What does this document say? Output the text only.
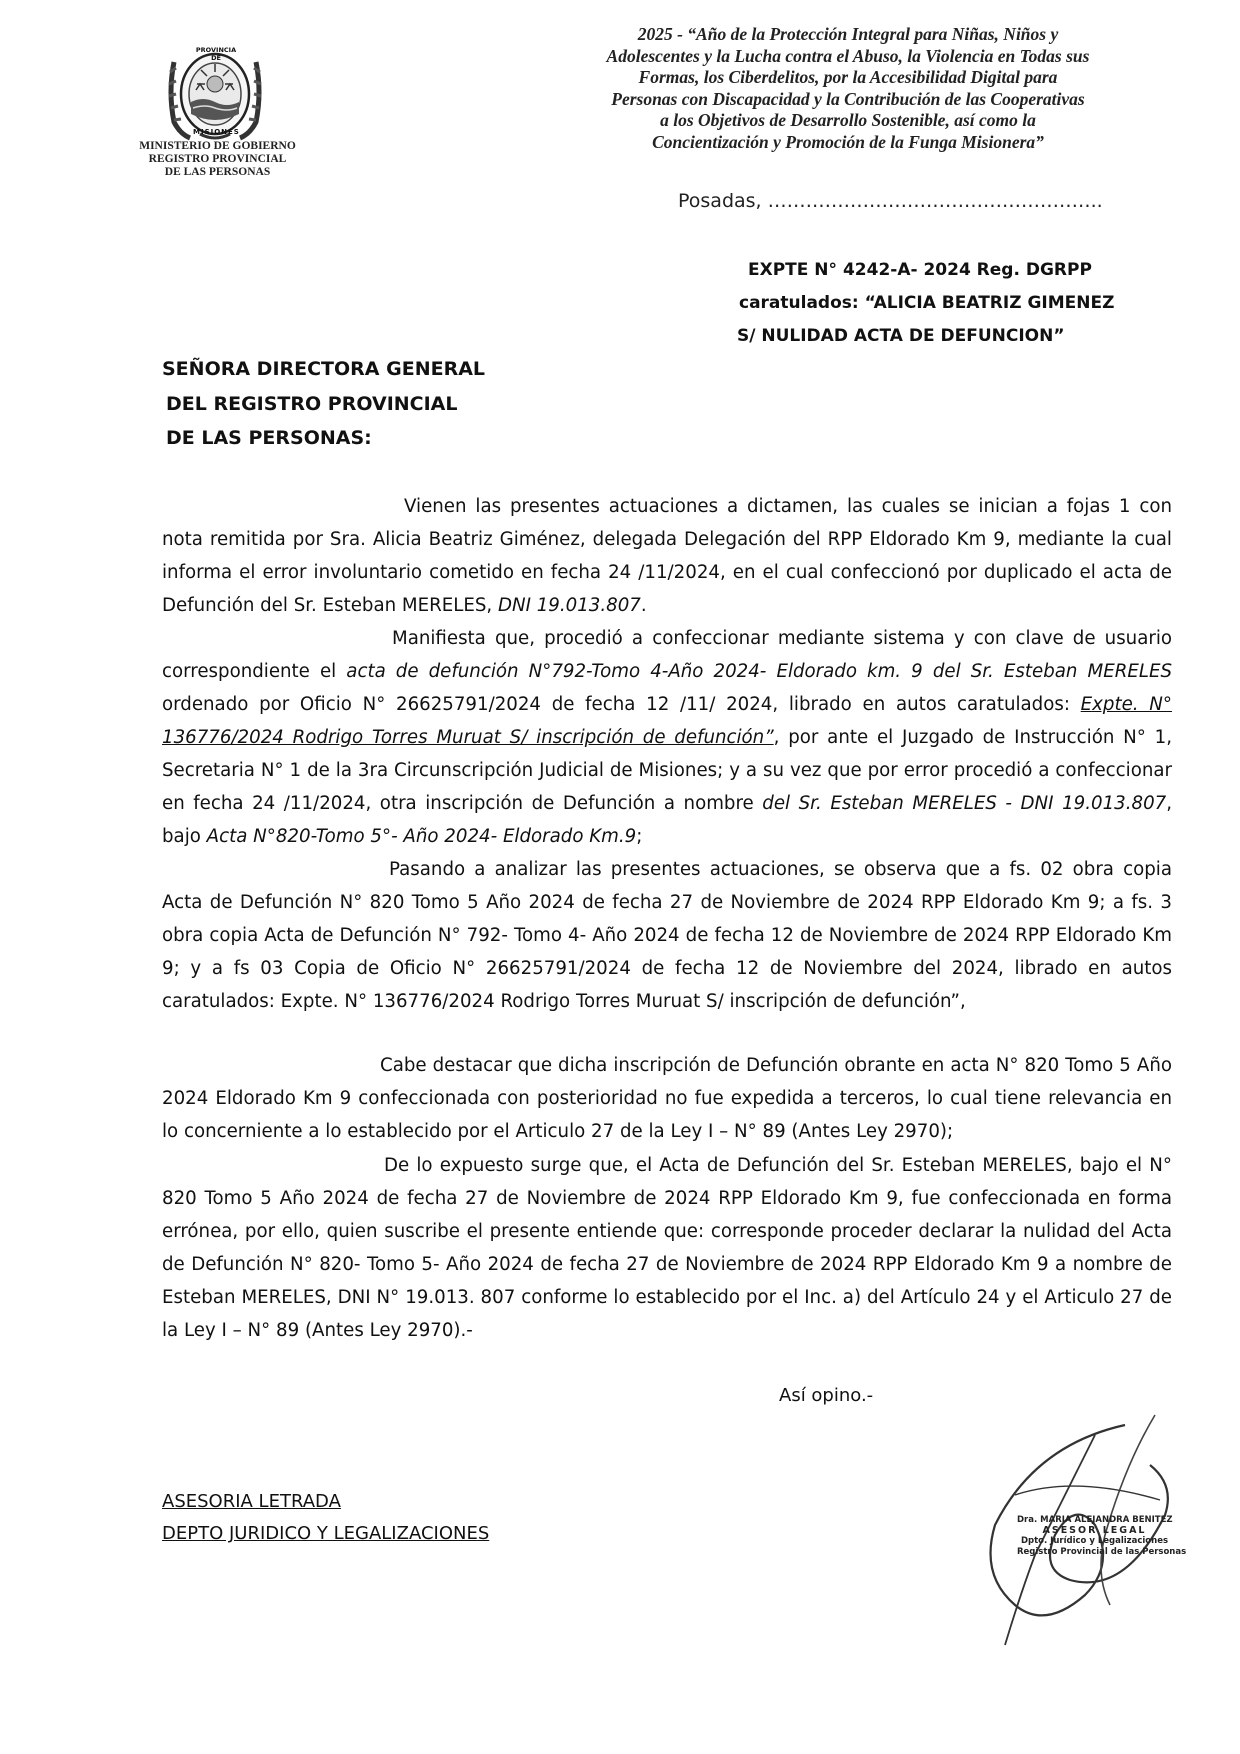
PROVINCIA DE
MISIONES
MINISTERIO DE GOBIERNO
REGISTRO PROVINCIAL
DE LAS PERSONAS
2025 - “Año de la Protección Integral para Niñas, Niños y
Adolescentes y la Lucha contra el Abuso, la Violencia en Todas sus
Formas, los Ciberdelitos, por la Accesibilidad Digital para
Personas con Discapacidad y la Contribución de las Cooperativas
a los Objetivos de Desarrollo Sostenible, así como la
Concientización y Promoción de la Funga Misionera”
Posadas, ……………………………………………..
EXPTE N° 4242-A- 2024 Reg. DGRPP
caratulados: “ALICIA BEATRIZ GIMENEZ
S/ NULIDAD ACTA DE DEFUNCION”
SEÑORA DIRECTORA GENERAL
DEL REGISTRO PROVINCIAL
DE LAS PERSONAS:
Vienen las presentes actuaciones a dictamen, las cuales se inician a fojas 1 con nota remitida por Sra. Alicia Beatriz Giménez, delegada Delegación del RPP Eldorado Km 9, mediante la cual informa el error involuntario cometido en fecha 24 /11/2024, en el cual confeccionó por duplicado el acta de Defunción del Sr. Esteban MERELES, DNI 19.013.807.
Manifiesta que, procedió a confeccionar mediante sistema y con clave de usuario correspondiente el acta de defunción N°792-Tomo 4-Año 2024- Eldorado km. 9 del Sr. Esteban MERELES ordenado por Oficio N° 26625791/2024 de fecha 12 /11/ 2024, librado en autos caratulados: Expte. N° 136776/2024 Rodrigo Torres Muruat S/ inscripción de defunción”, por ante el Juzgado de Instrucción N° 1, Secretaria N° 1 de la 3ra Circunscripción Judicial de Misiones; y a su vez que por error procedió a confeccionar en fecha 24 /11/2024, otra inscripción de Defunción a nombre del Sr. Esteban MERELES - DNI 19.013.807, bajo Acta N°820-Tomo 5°- Año 2024- Eldorado Km.9;
Pasando a analizar las presentes actuaciones, se observa que a fs. 02 obra copia Acta de Defunción N° 820 Tomo 5 Año 2024 de fecha 27 de Noviembre de 2024 RPP Eldorado Km 9; a fs. 3 obra copia Acta de Defunción N° 792- Tomo 4- Año 2024 de fecha 12 de Noviembre de 2024 RPP Eldorado Km 9; y a fs 03 Copia de Oficio N° 26625791/2024 de fecha 12 de Noviembre del 2024, librado en autos caratulados: Expte. N° 136776/2024 Rodrigo Torres Muruat S/ inscripción de defunción”,
Cabe destacar que dicha inscripción de Defunción obrante en acta N° 820 Tomo 5 Año 2024 Eldorado Km 9 confeccionada con posterioridad no fue expedida a terceros, lo cual tiene relevancia en lo concerniente a lo establecido por el Articulo 27 de la Ley I – N° 89 (Antes Ley 2970);
De lo expuesto surge que, el Acta de Defunción del Sr. Esteban MERELES, bajo el N° 820 Tomo 5 Año 2024 de fecha 27 de Noviembre de 2024 RPP Eldorado Km 9, fue confeccionada en forma errónea, por ello, quien suscribe el presente entiende que: corresponde proceder declarar la nulidad del Acta de Defunción N° 820- Tomo 5- Año 2024 de fecha 27 de Noviembre de 2024 RPP Eldorado Km 9 a nombre de Esteban MERELES, DNI N° 19.013. 807 conforme lo establecido por el Inc. a) del Artículo 24 y el Articulo 27 de la Ley I – N° 89 (Antes Ley 2970).-
Así opino.-
ASESORIA LETRADA
DEPTO JURIDICO Y LEGALIZACIONES
Dra. MARIA ALEJANDRA BENITEZ
ASESOR LEGAL
Dpto. Jurídico y Legalizaciones
Registro Provincial de las Personas
